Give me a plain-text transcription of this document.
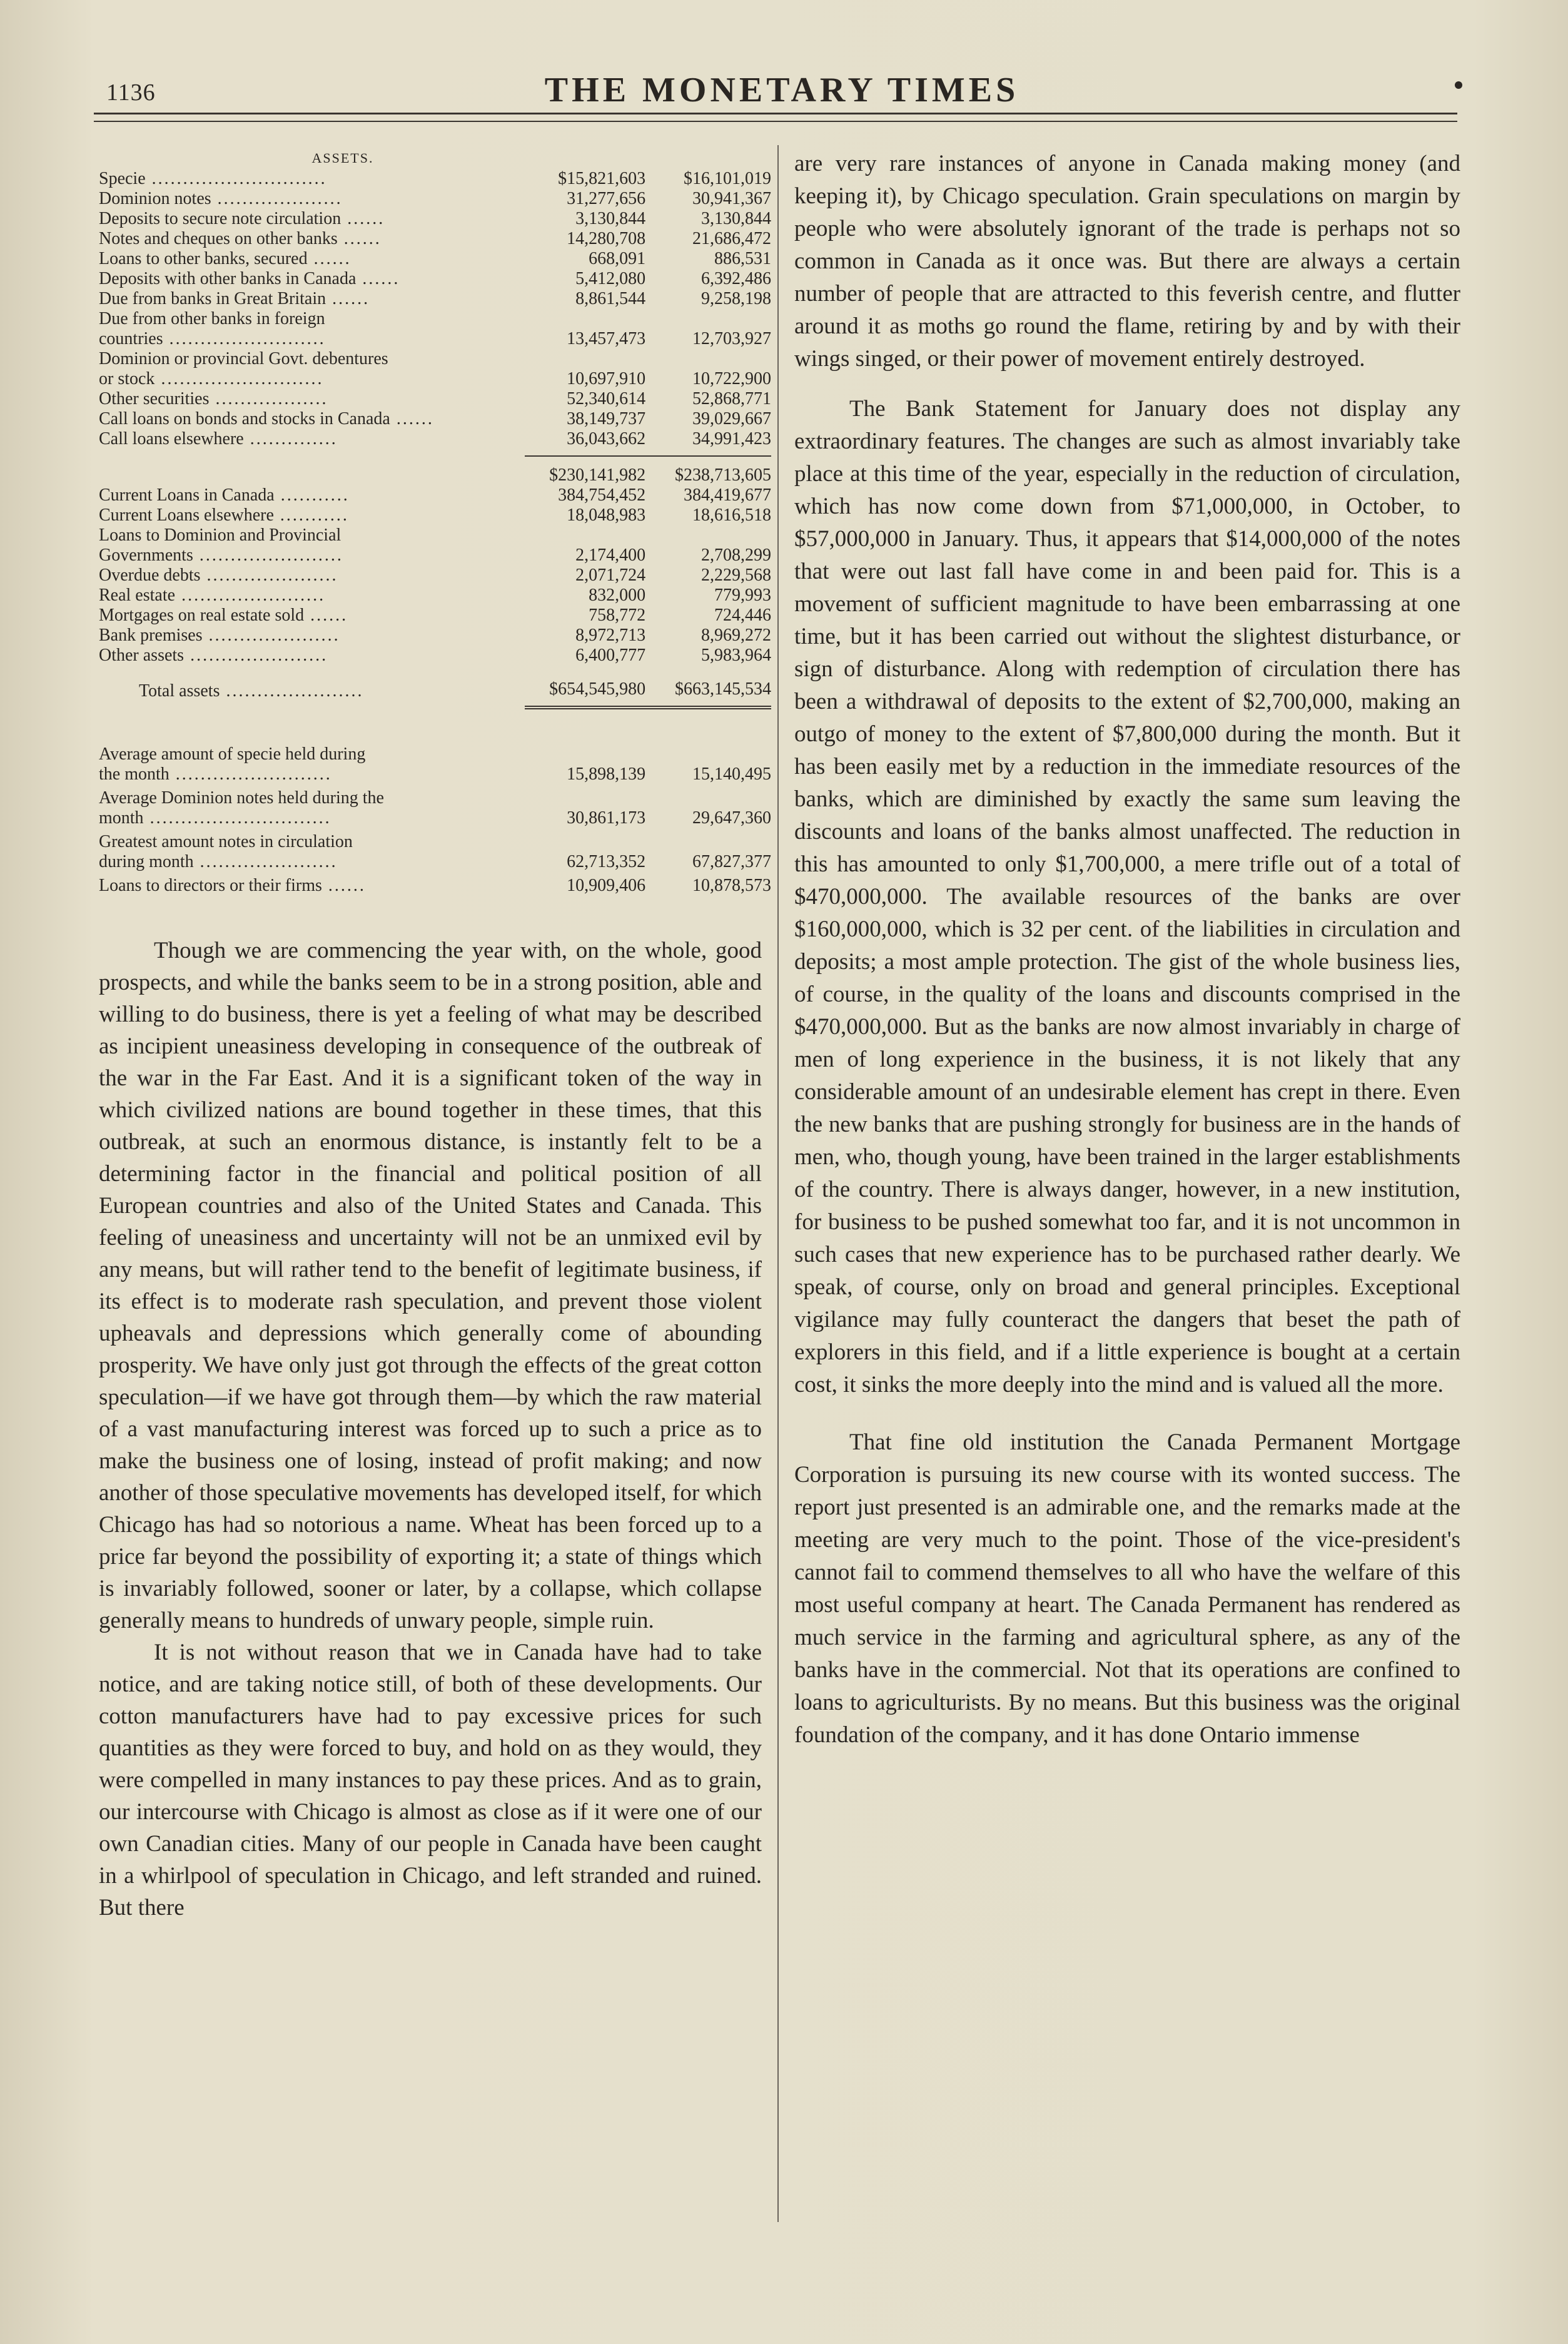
1136	THE MONETARY TIMES
ASSETS.
Specie ............................	$15,821,603	$16,101,019
Dominion notes ....................	31,277,656	30,941,367
Deposits to secure note circulation ......	3,130,844	3,130,844
Notes and cheques on other banks ......	14,280,708	21,686,472
Loans to other banks, secured ......	668,091	886,531
Deposits with other banks in Canada ......	5,412,080	6,392,486
Due from banks in Great Britain ......	8,861,544	9,258,198
Due from other banks in foreign		
countries .........................	13,457,473	12,703,927
Dominion or provincial Govt. debentures		
or stock ..........................	10,697,910	10,722,900
Other securities ..................	52,340,614	52,868,771
Call loans on bonds and stocks in Canada ......	38,149,737	39,029,667
Call loans elsewhere ..............	36,043,662	34,991,423

	$230,141,982	$238,713,605
Current Loans in Canada ...........	384,754,452	384,419,677
Current Loans elsewhere ...........	18,048,983	18,616,518
Loans to Dominion and Provincial		
Governments .......................	2,174,400	2,708,299
Overdue debts .....................	2,071,724	2,229,568
Real estate .......................	832,000	779,993
Mortgages on real estate sold ......	758,772	724,446
Bank premises .....................	8,972,713	8,969,272
Other assets ......................	6,400,777	5,983,964
Total assets ......................	$654,545,980	$663,145,534

Average amount of specie held during		
the month .........................	15,898,139	15,140,495

Average Dominion notes held during the		
month .............................	30,861,173	29,647,360

Greatest amount notes in circulation		
during month ......................	62,713,352	67,827,377

Loans to directors or their firms ......	10,909,406	10,878,573

Though we are commencing the year with, on the whole, good prospects, and while the banks seem to be in a strong position, able and willing to do business, there is yet a feeling of what may be described as incipient uneasiness developing in consequence of the outbreak of the war in the Far East. And it is a significant token of the way in which civilized nations are bound together in these times, that this outbreak, at such an enormous distance, is instantly felt to be a determining factor in the financial and political position of all European countries and also of the United States and Canada. This feeling of uneasiness and uncertainty will not be an unmixed evil by any means, but will rather tend to the benefit of legitimate business, if its effect is to moderate rash speculation, and prevent those violent upheavals and depressions which generally come of abounding prosperity. We have only just got through the effects of the great cotton speculation—if we have got through them—by which the raw material of a vast manufacturing interest was forced up to such a price as to make the business one of losing, instead of profit making; and now another of those speculative movements has developed itself, for which Chicago has had so notorious a name. Wheat has been forced up to a price far beyond the possibility of exporting it; a state of things which is invariably followed, sooner or later, by a collapse, which collapse generally means to hundreds of unwary people, simple ruin.

It is not without reason that we in Canada have had to take notice, and are taking notice still, of both of these developments. Our cotton manufacturers have had to pay excessive prices for such quantities as they were forced to buy, and hold on as they would, they were compelled in many instances to pay these prices. And as to grain, our intercourse with Chicago is almost as close as if it were one of our own Canadian cities. Many of our people in Canada have been caught in a whirlpool of speculation in Chicago, and left stranded and ruined. But there

are very rare instances of anyone in Canada making money (and keeping it), by Chicago speculation. Grain speculations on margin by people who were absolutely ignorant of the trade is perhaps not so common in Canada as it once was. But there are always a certain number of people that are attracted to this feverish centre, and flutter around it as moths go round the flame, retiring by and by with their wings singed, or their power of movement entirely destroyed.

The Bank Statement for January does not display any extraordinary features. The changes are such as almost invariably take place at this time of the year, especially in the reduction of circulation, which has now come down from $71,000,000, in October, to $57,000,000 in January. Thus, it appears that $14,000,000 of the notes that were out last fall have come in and been paid for. This is a movement of sufficient magnitude to have been embarrassing at one time, but it has been carried out without the slightest disturbance, or sign of disturbance. Along with redemption of circulation there has been a withdrawal of deposits to the extent of $2,700,000, making an outgo of money to the extent of $7,800,000 during the month. But it has been easily met by a reduction in the immediate resources of the banks, which are diminished by exactly the same sum leaving the discounts and loans of the banks almost unaffected. The reduction in this has amounted to only $1,700,000, a mere trifle out of a total of $470,000,000. The available resources of the banks are over $160,000,000, which is 32 per cent. of the liabilities in circulation and deposits; a most ample protection. The gist of the whole business lies, of course, in the quality of the loans and discounts comprised in the $470,000,000. But as the banks are now almost invariably in charge of men of long experience in the business, it is not likely that any considerable amount of an undesirable element has crept in there. Even the new banks that are pushing strongly for business are in the hands of men, who, though young, have been trained in the larger establishments of the country. There is always danger, however, in a new institution, for business to be pushed somewhat too far, and it is not uncommon in such cases that new experience has to be purchased rather dearly. We speak, of course, only on broad and general principles. Exceptional vigilance may fully counteract the dangers that beset the path of explorers in this field, and if a little experience is bought at a certain cost, it sinks the more deeply into the mind and is valued all the more.

That fine old institution the Canada Permanent Mortgage Corporation is pursuing its new course with its wonted success. The report just presented is an admirable one, and the remarks made at the meeting are very much to the point. Those of the vice-president's cannot fail to commend themselves to all who have the welfare of this most useful company at heart. The Canada Permanent has rendered as much service in the farming and agricultural sphere, as any of the banks have in the commercial. Not that its operations are confined to loans to agriculturists. By no means. But this business was the original foundation of the company, and it has done Ontario immense
